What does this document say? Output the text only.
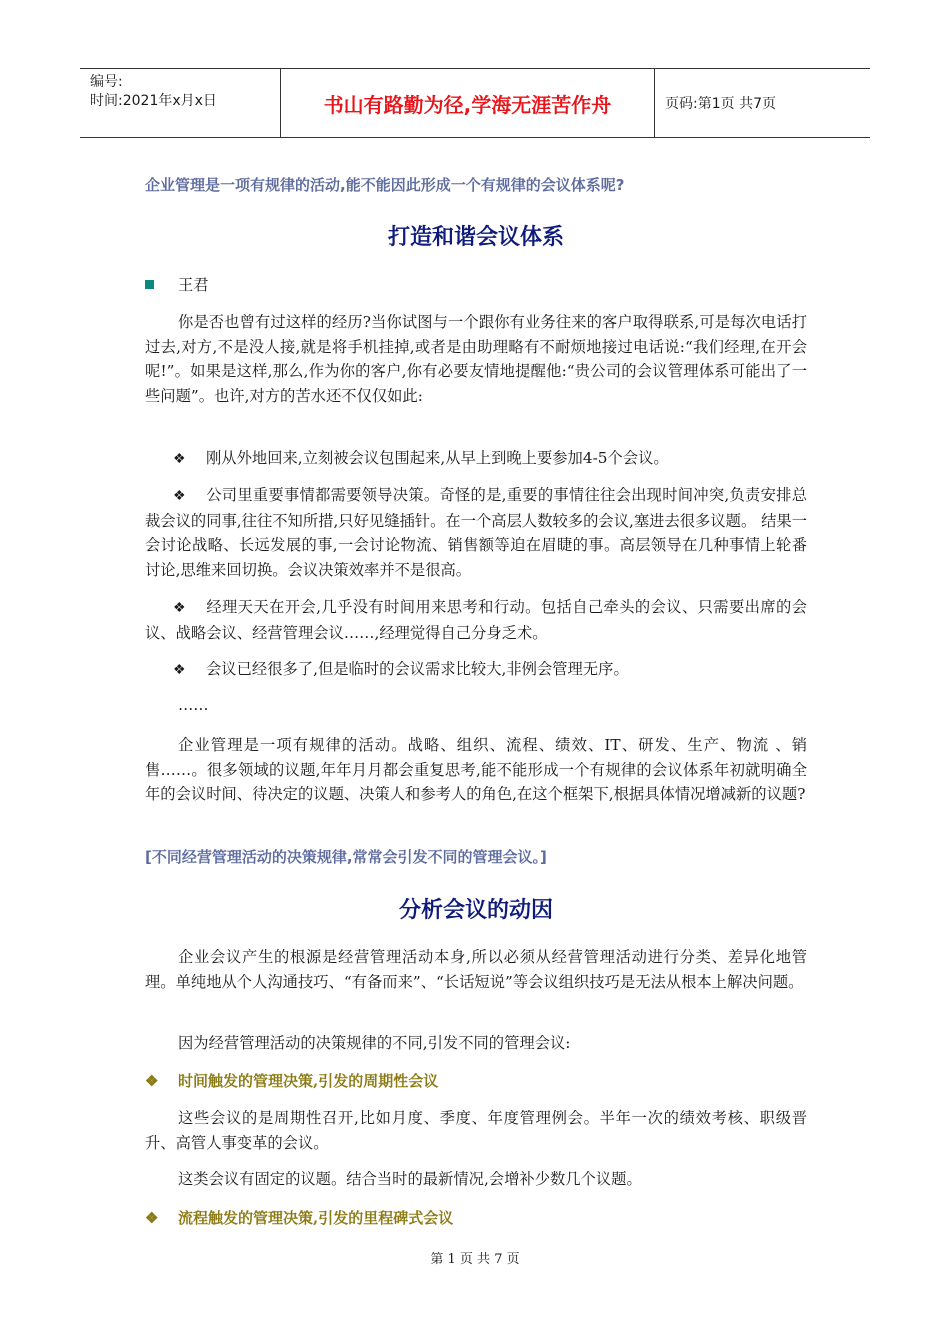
编号:
时间:2021年x月x日	书山有路勤为径,学海无涯苦作舟	页码:第1页 共7页
企业管理是一项有规律的活动,能不能因此形成一个有规律的会议体系呢?
打造和谐会议体系
王君

你是否也曾有过这样的经历?当你试图与一个跟你有业务往来的客户取得联系,可是每次电话打过去,对方,不是没人接,就是将手机挂掉,或者是由助理略有不耐烦地接过电话说:“我们经理,在开会呢!”。如果是这样,那么,作为你的客户,你有必要友情地提醒他:“贵公司的会议管理体系可能出了一些问题”。也许,对方的苦水还不仅仅如此:

❖ 刚从外地回来,立刻被会议包围起来,从早上到晚上要参加4-5个会议。

❖ 公司里重要事情都需要领导决策。奇怪的是,重要的事情往往会出现时间冲突,负责安排总裁会议的同事,往往不知所措,只好见缝插针。在一个高层人数较多的会议,塞进去很多议题。 结果一会讨论战略、长远发展的事,一会讨论物流、销售额等迫在眉睫的事。高层领导在几种事情上轮番讨论,思维来回切换。会议决策效率并不是很高。

❖ 经理天天在开会,几乎没有时间用来思考和行动。包括自己牵头的会议、只需要出席的会议、战略会议、经营管理会议……,经理觉得自己分身乏术。

❖ 会议已经很多了,但是临时的会议需求比较大,非例会管理无序。

……

企业管理是一项有规律的活动。战略、组织、流程、绩效、IT、研发、生产、物流 、销售……。很多领域的议题,年年月月都会重复思考,能不能形成一个有规律的会议体系年初就明确全年的会议时间、待决定的议题、决策人和参考人的角色,在这个框架下,根据具体情况增减新的议题?

[不同经营管理活动的决策规律,常常会引发不同的管理会议。]
分析会议的动因

企业会议产生的根源是经营管理活动本身,所以必须从经营管理活动进行分类、差异化地管理。单纯地从个人沟通技巧、“有备而来”、“长话短说”等会议组织技巧是无法从根本上解决问题。

因为经营管理活动的决策规律的不同,引发不同的管理会议:

❖	时间触发的管理决策,引发的周期性会议

这些会议的是周期性召开,比如月度、季度、年度管理例会。半年一次的绩效考核、职级晋升、高管人事变革的会议。

这类会议有固定的议题。结合当时的最新情况,会增补少数几个议题。

❖	流程触发的管理决策,引发的里程碑式会议
第 1 页 共 7 页
